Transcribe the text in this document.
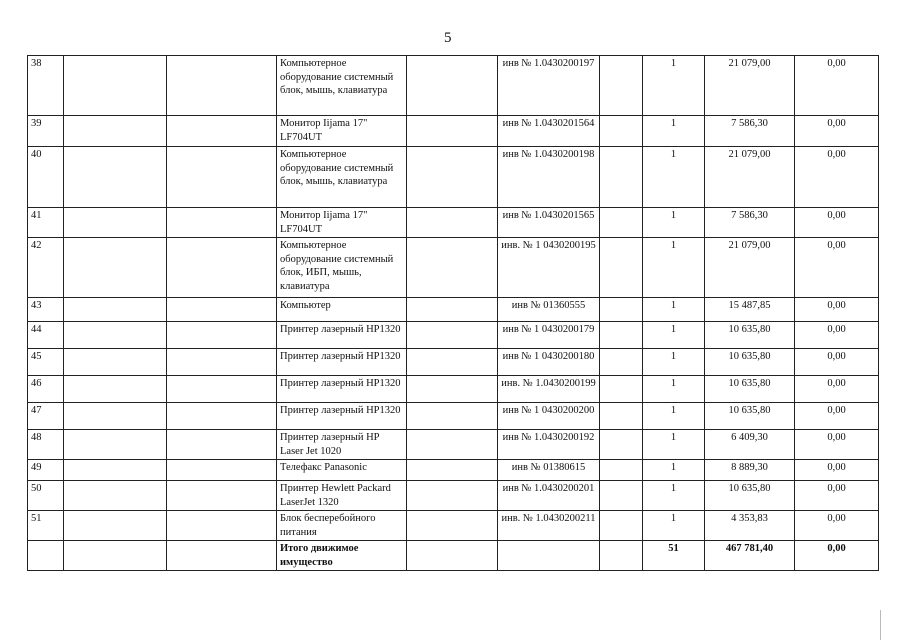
5
38			Компьютерное оборудование системный блок, мышь, клавиатура		инв № 1.0430200197		1	21 079,00	0,00
39			Монитор Iijama 17" LF704UT		инв № 1.0430201564		1	7 586,30	0,00
40			Компьютерное оборудование системный блок, мышь, клавиатура		инв № 1.0430200198		1	21 079,00	0,00
41			Монитор Iijama 17" LF704UT		инв № 1.0430201565		1	7 586,30	0,00
42			Компьютерное оборудование системный блок, ИБП, мышь, клавиатура		инв. № 1 0430200195		1	21 079,00	0,00
43			Компьютер		инв № 01360555		1	15 487,85	0,00
44			Принтер лазерный HP1320		инв № 1 0430200179		1	10 635,80	0,00
45			Принтер лазерный HP1320		инв № 1 0430200180		1	10 635,80	0,00
46			Принтер лазерный HP1320		инв. № 1.0430200199		1	10 635,80	0,00
47			Принтер лазерный HP1320		инв № 1 0430200200		1	10 635,80	0,00
48			Принтер лазерный HP Laser Jet 1020		инв № 1.0430200192		1	6 409,30	0,00
49			Телефакс Panasonic		инв № 01380615		1	8 889,30	0,00
50			Принтер Hewlett Packard LaserJet 1320		инв № 1.0430200201		1	10 635,80	0,00
51			Блок бесперебойного питания		инв. № 1.0430200211		1	4 353,83	0,00
			Итого движимое имущество				51	467 781,40	0,00
